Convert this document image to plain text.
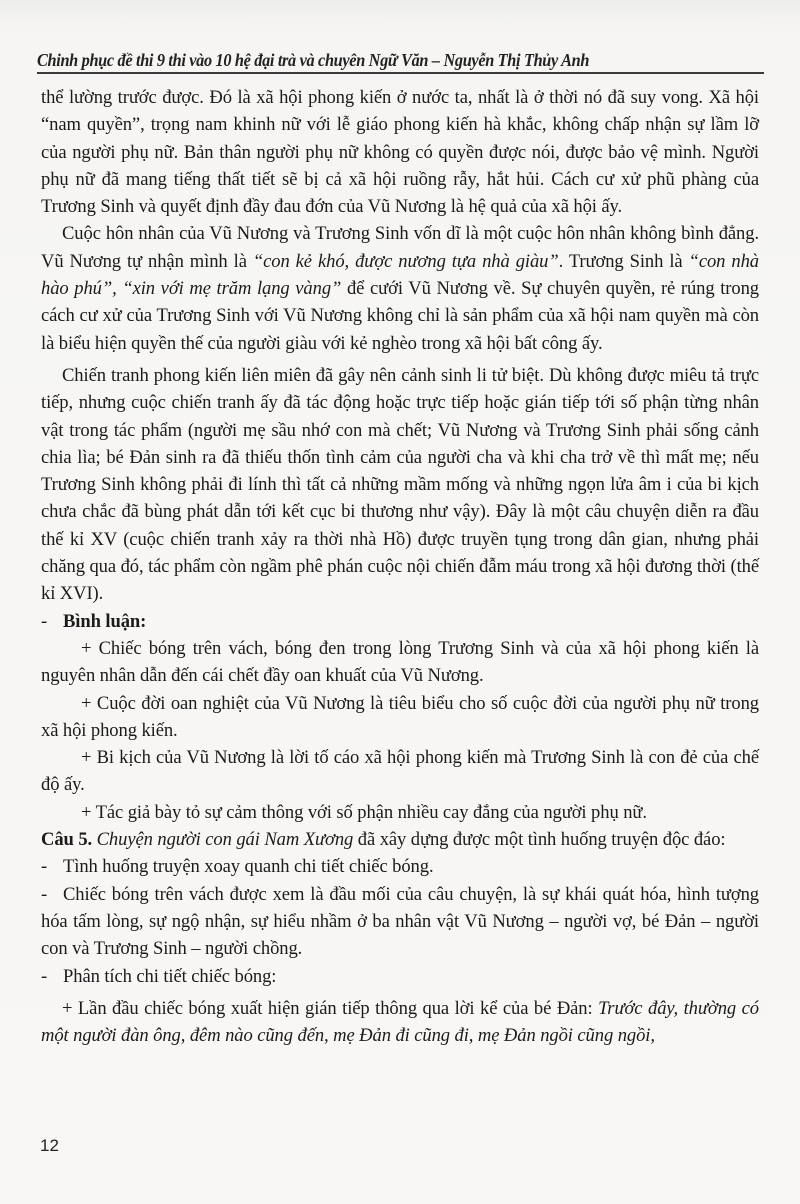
Chinh phục đề thi 9 thi vào 10 hệ đại trà và chuyên Ngữ Văn – Nguyễn Thị Thủy Anh

thể lường trước được. Đó là xã hội phong kiến ở nước ta, nhất là ở thời nó đã suy vong. Xã hội “nam quyền”, trọng nam khinh nữ với lễ giáo phong kiến hà khắc, không chấp nhận sự lầm lỡ của người phụ nữ. Bản thân người phụ nữ không có quyền được nói, được bảo vệ mình. Người phụ nữ đã mang tiếng thất tiết sẽ bị cả xã hội ruồng rẫy, hắt hủi. Cách cư xử phũ phàng của Trương Sinh và quyết định đầy đau đớn của Vũ Nương là hệ quả của xã hội ấy.

Cuộc hôn nhân của Vũ Nương và Trương Sinh vốn dĩ là một cuộc hôn nhân không bình đẳng. Vũ Nương tự nhận mình là “con kẻ khó, được nương tựa nhà giàu”. Trương Sinh là “con nhà hào phú”, “xin với mẹ trăm lạng vàng” để cưới Vũ Nương về. Sự chuyên quyền, rẻ rúng trong cách cư xử của Trương Sinh với Vũ Nương không chỉ là sản phẩm của xã hội nam quyền mà còn là biểu hiện quyền thế của người giàu với kẻ nghèo trong xã hội bất công ấy.

Chiến tranh phong kiến liên miên đã gây nên cảnh sinh li tử biệt. Dù không được miêu tả trực tiếp, nhưng cuộc chiến tranh ấy đã tác động hoặc trực tiếp hoặc gián tiếp tới số phận từng nhân vật trong tác phẩm (người mẹ sầu nhớ con mà chết; Vũ Nương và Trương Sinh phải sống cảnh chia lìa; bé Đản sinh ra đã thiếu thốn tình cảm của người cha và khi cha trở về thì mất mẹ; nếu Trương Sinh không phải đi lính thì tất cả những mầm mống và những ngọn lửa âm i của bi kịch chưa chắc đã bùng phát dẫn tới kết cục bi thương như vậy). Đây là một câu chuyện diễn ra đầu thế kỉ XV (cuộc chiến tranh xảy ra thời nhà Hồ) được truyền tụng trong dân gian, nhưng phải chăng qua đó, tác phẩm còn ngầm phê phán cuộc nội chiến đẫm máu trong xã hội đương thời (thế kỉ XVI).

- Bình luận:

+ Chiếc bóng trên vách, bóng đen trong lòng Trương Sinh và của xã hội phong kiến là nguyên nhân dẫn đến cái chết đầy oan khuất của Vũ Nương.

+ Cuộc đời oan nghiệt của Vũ Nương là tiêu biểu cho số cuộc đời của người phụ nữ trong xã hội phong kiến.

+ Bi kịch của Vũ Nương là lời tố cáo xã hội phong kiến mà Trương Sinh là con đẻ của chế độ ấy.

+ Tác giả bày tỏ sự cảm thông với số phận nhiều cay đắng của người phụ nữ.

Câu 5. Chuyện người con gái Nam Xương đã xây dựng được một tình huống truyện độc đáo:

- Tình huống truyện xoay quanh chi tiết chiếc bóng.

- Chiếc bóng trên vách được xem là đầu mối của câu chuyện, là sự khái quát hóa, hình tượng hóa tấm lòng, sự ngộ nhận, sự hiểu nhầm ở ba nhân vật Vũ Nương – người vợ, bé Đản – người con và Trương Sinh – người chồng.

- Phân tích chi tiết chiếc bóng:

+ Lần đầu chiếc bóng xuất hiện gián tiếp thông qua lời kể của bé Đản: Trước đây, thường có một người đàn ông, đêm nào cũng đến, mẹ Đản đi cũng đi, mẹ Đản ngồi cũng ngồi,

12
